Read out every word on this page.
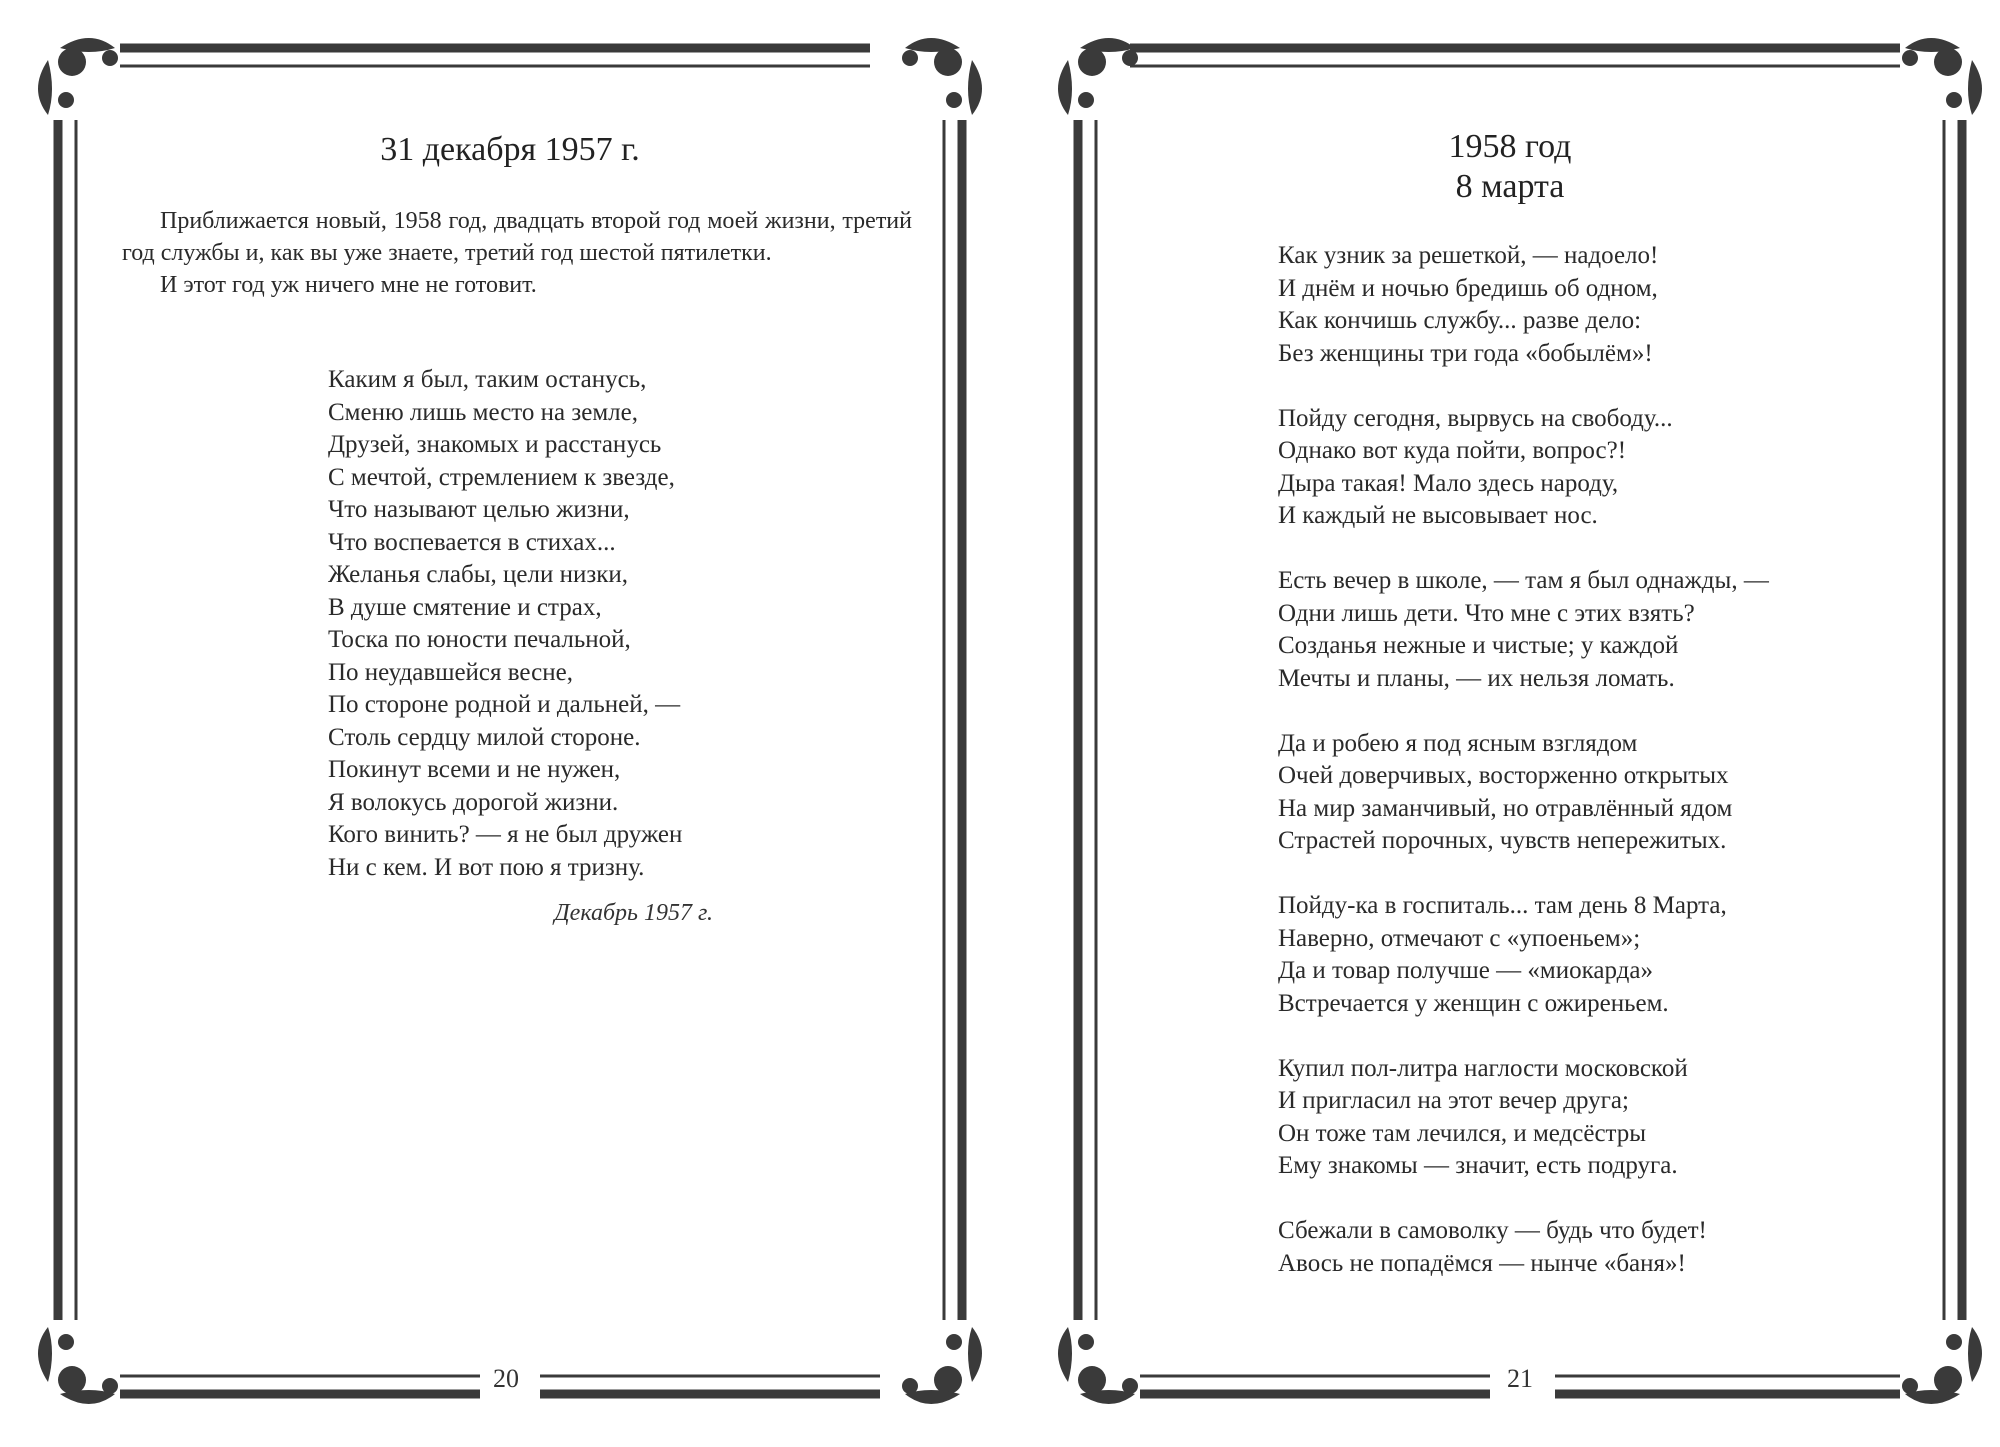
31 декабря 1957 г.

Приближается новый, 1958 год, двадцать второй год моей жизни, третий год службы и, как вы уже знаете, третий год шестой пятилетки.

И этот год уж ничего мне не готовит.

Каким я был, таким останусь,
Сменю лишь место на земле,
Друзей, знакомых и расстанусь
С мечтой, стремлением к звезде,
Что называют целью жизни,
Что воспевается в стихах...
Желанья слабы, цели низки,
В душе смятение и страх,
Тоска по юности печальной,
По неудавшейся весне,
По стороне родной и дальней, —
Столь сердцу милой стороне.
Покинут всеми и не нужен,
Я волокусь дорогой жизни.
Кого винить? — я не был дружен
Ни с кем. И вот пою я тризну.
Декабрь 1957 г.
20
1958 год
8 марта
Как узник за решеткой, — надоело!
И днём и ночью бредишь об одном,
Как кончишь службу... разве дело:
Без женщины три года «бобылём»!
Пойду сегодня, вырвусь на свободу...
Однако вот куда пойти, вопрос?!
Дыра такая! Мало здесь народу,
И каждый не высовывает нос.
Есть вечер в школе, — там я был однажды, —
Одни лишь дети. Что мне с этих взять?
Созданья нежные и чистые; у каждой
Мечты и планы, — их нельзя ломать.
Да и робею я под ясным взглядом
Очей доверчивых, восторженно открытых
На мир заманчивый, но отравлённый ядом
Страстей порочных, чувств непережитых.
Пойду-ка в госпиталь... там день 8 Марта,
Наверно, отмечают с «упоеньем»;
Да и товар получше — «миокарда»
Встречается у женщин с ожиреньем.
Купил пол-литра наглости московской
И пригласил на этот вечер друга;
Он тоже там лечился, и медсёстры
Ему знакомы — значит, есть подруга.
Сбежали в самоволку — будь что будет!
Авось не попадёмся — нынче «баня»!
21
